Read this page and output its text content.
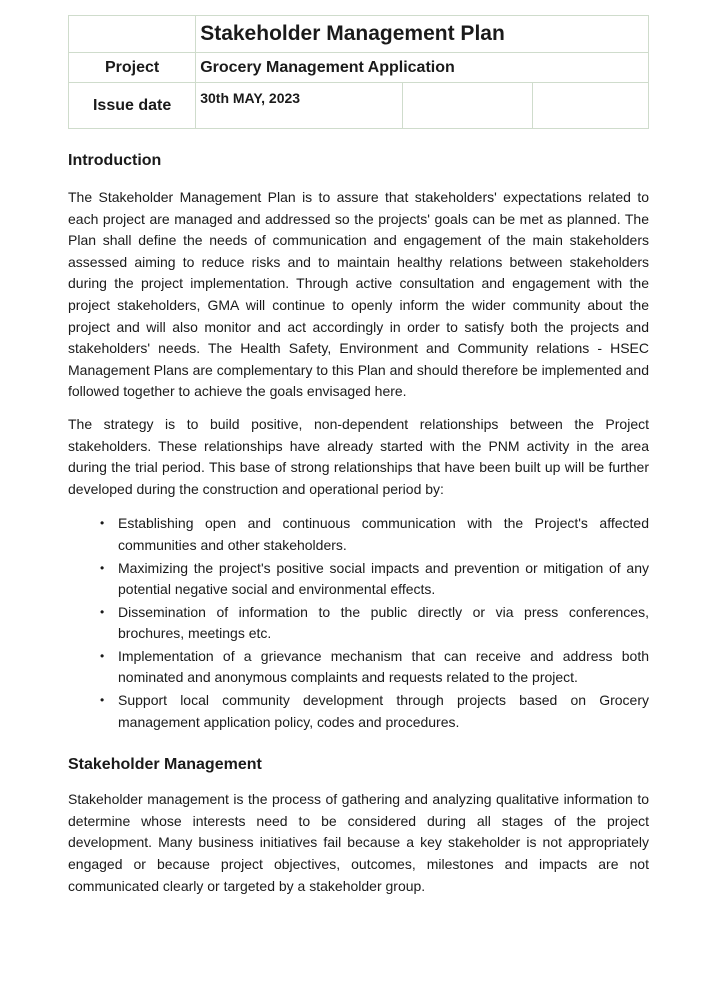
	Stakeholder Management Plan		
Project	Grocery Management Application		
Issue date	30th MAY, 2023		
Introduction

The Stakeholder Management Plan is to assure that stakeholders' expectations related to each project are managed and addressed so the projects' goals can be met as planned. The Plan shall define the needs of communication and engagement of the main stakeholders assessed aiming to reduce risks and to maintain healthy relations between stakeholders during the project implementation. Through active consultation and engagement with the project stakeholders, GMA will continue to openly inform the wider community about the project and will also monitor and act accordingly in order to satisfy both the projects and stakeholders' needs. The Health Safety, Environment and Community relations - HSEC Management Plans are complementary to this Plan and should therefore be implemented and followed together to achieve the goals envisaged here.

The strategy is to build positive, non-dependent relationships between the Project stakeholders. These relationships have already started with the PNM activity in the area during the trial period. This base of strong relationships that have been built up will be further developed during the construction and operational period by:

• Establishing open and continuous communication with the Project's affected communities and other stakeholders.
• Maximizing the project's positive social impacts and prevention or mitigation of any potential negative social and environmental effects.
• Dissemination of information to the public directly or via press conferences, brochures, meetings etc.
• Implementation of a grievance mechanism that can receive and address both nominated and anonymous complaints and requests related to the project.
• Support local community development through projects based on Grocery management application policy, codes and procedures.
Stakeholder Management

Stakeholder management is the process of gathering and analyzing qualitative information to determine whose interests need to be considered during all stages of the project development. Many business initiatives fail because a key stakeholder is not appropriately engaged or because project objectives, outcomes, milestones and impacts are not communicated clearly or targeted by a stakeholder group.
